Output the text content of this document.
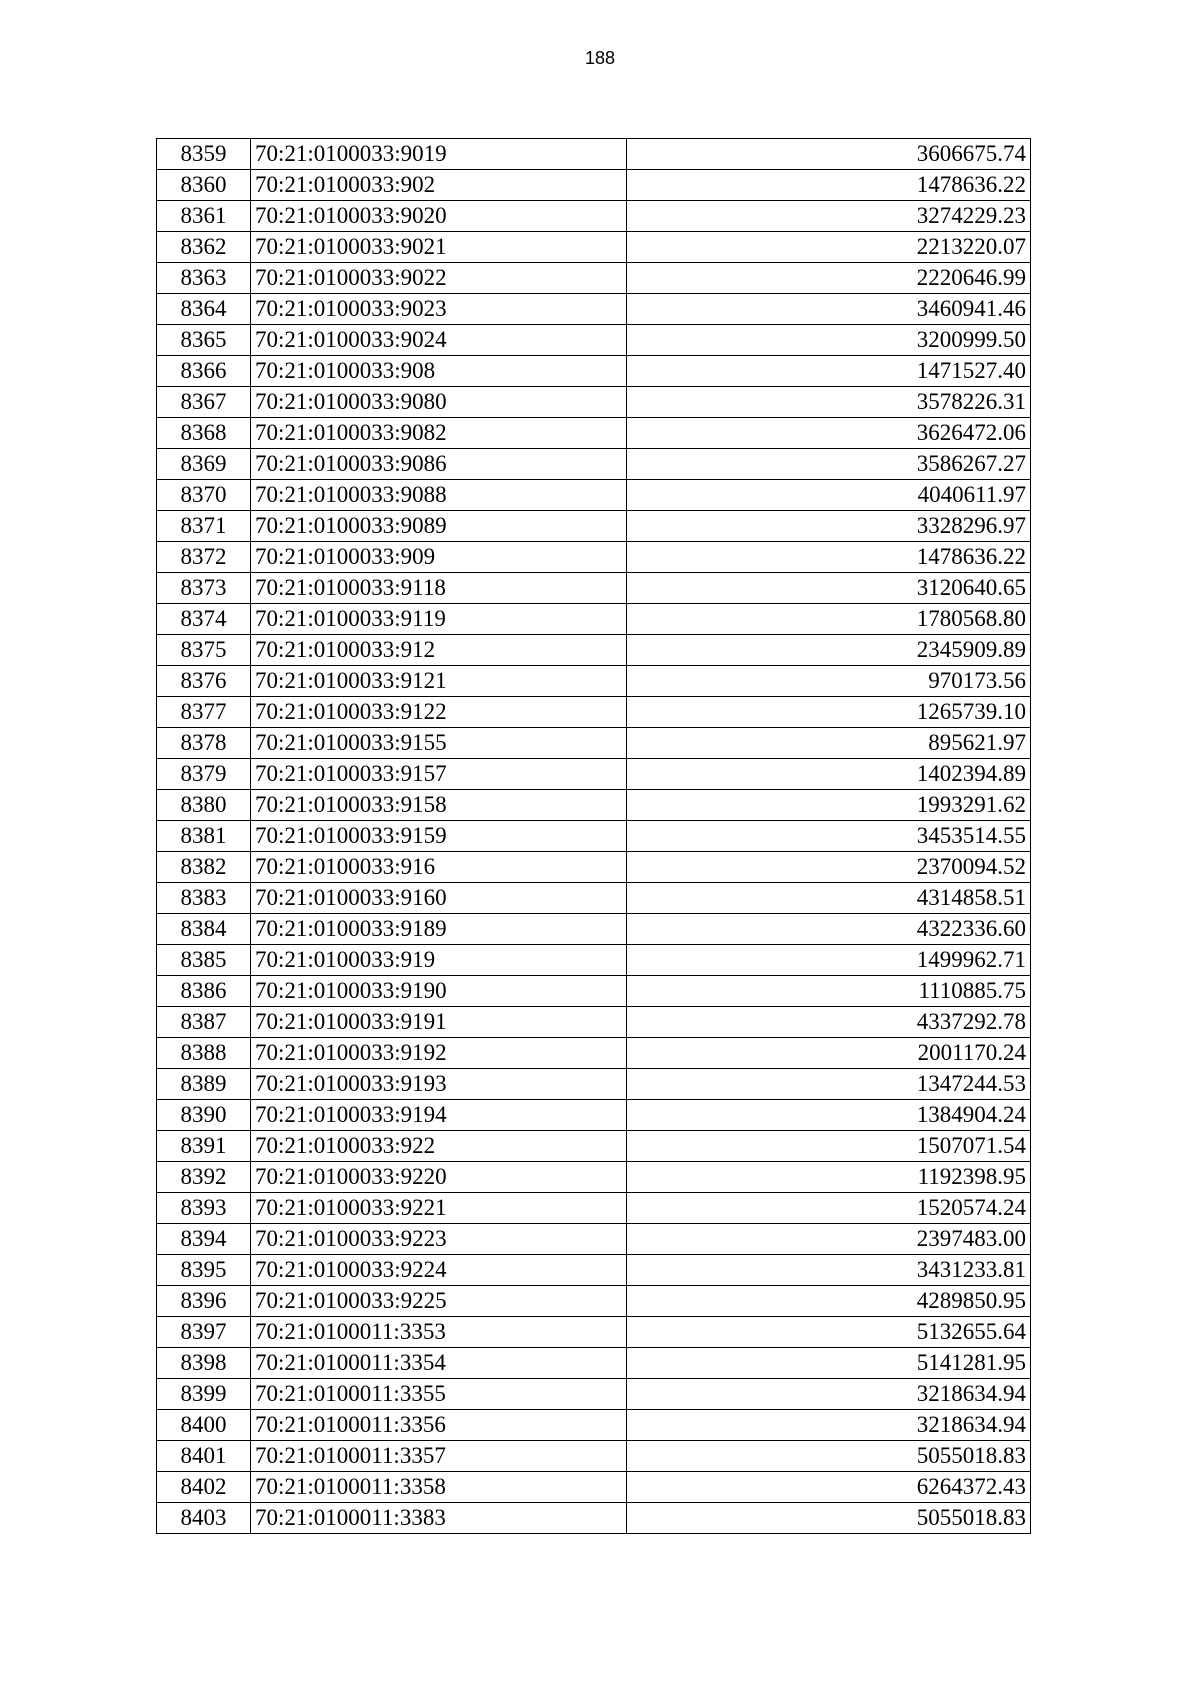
188
8359	70:21:0100033:9019	3606675.74
8360	70:21:0100033:902	1478636.22
8361	70:21:0100033:9020	3274229.23
8362	70:21:0100033:9021	2213220.07
8363	70:21:0100033:9022	2220646.99
8364	70:21:0100033:9023	3460941.46
8365	70:21:0100033:9024	3200999.50
8366	70:21:0100033:908	1471527.40
8367	70:21:0100033:9080	3578226.31
8368	70:21:0100033:9082	3626472.06
8369	70:21:0100033:9086	3586267.27
8370	70:21:0100033:9088	4040611.97
8371	70:21:0100033:9089	3328296.97
8372	70:21:0100033:909	1478636.22
8373	70:21:0100033:9118	3120640.65
8374	70:21:0100033:9119	1780568.80
8375	70:21:0100033:912	2345909.89
8376	70:21:0100033:9121	970173.56
8377	70:21:0100033:9122	1265739.10
8378	70:21:0100033:9155	895621.97
8379	70:21:0100033:9157	1402394.89
8380	70:21:0100033:9158	1993291.62
8381	70:21:0100033:9159	3453514.55
8382	70:21:0100033:916	2370094.52
8383	70:21:0100033:9160	4314858.51
8384	70:21:0100033:9189	4322336.60
8385	70:21:0100033:919	1499962.71
8386	70:21:0100033:9190	1110885.75
8387	70:21:0100033:9191	4337292.78
8388	70:21:0100033:9192	2001170.24
8389	70:21:0100033:9193	1347244.53
8390	70:21:0100033:9194	1384904.24
8391	70:21:0100033:922	1507071.54
8392	70:21:0100033:9220	1192398.95
8393	70:21:0100033:9221	1520574.24
8394	70:21:0100033:9223	2397483.00
8395	70:21:0100033:9224	3431233.81
8396	70:21:0100033:9225	4289850.95
8397	70:21:0100011:3353	5132655.64
8398	70:21:0100011:3354	5141281.95
8399	70:21:0100011:3355	3218634.94
8400	70:21:0100011:3356	3218634.94
8401	70:21:0100011:3357	5055018.83
8402	70:21:0100011:3358	6264372.43
8403	70:21:0100011:3383	5055018.83
